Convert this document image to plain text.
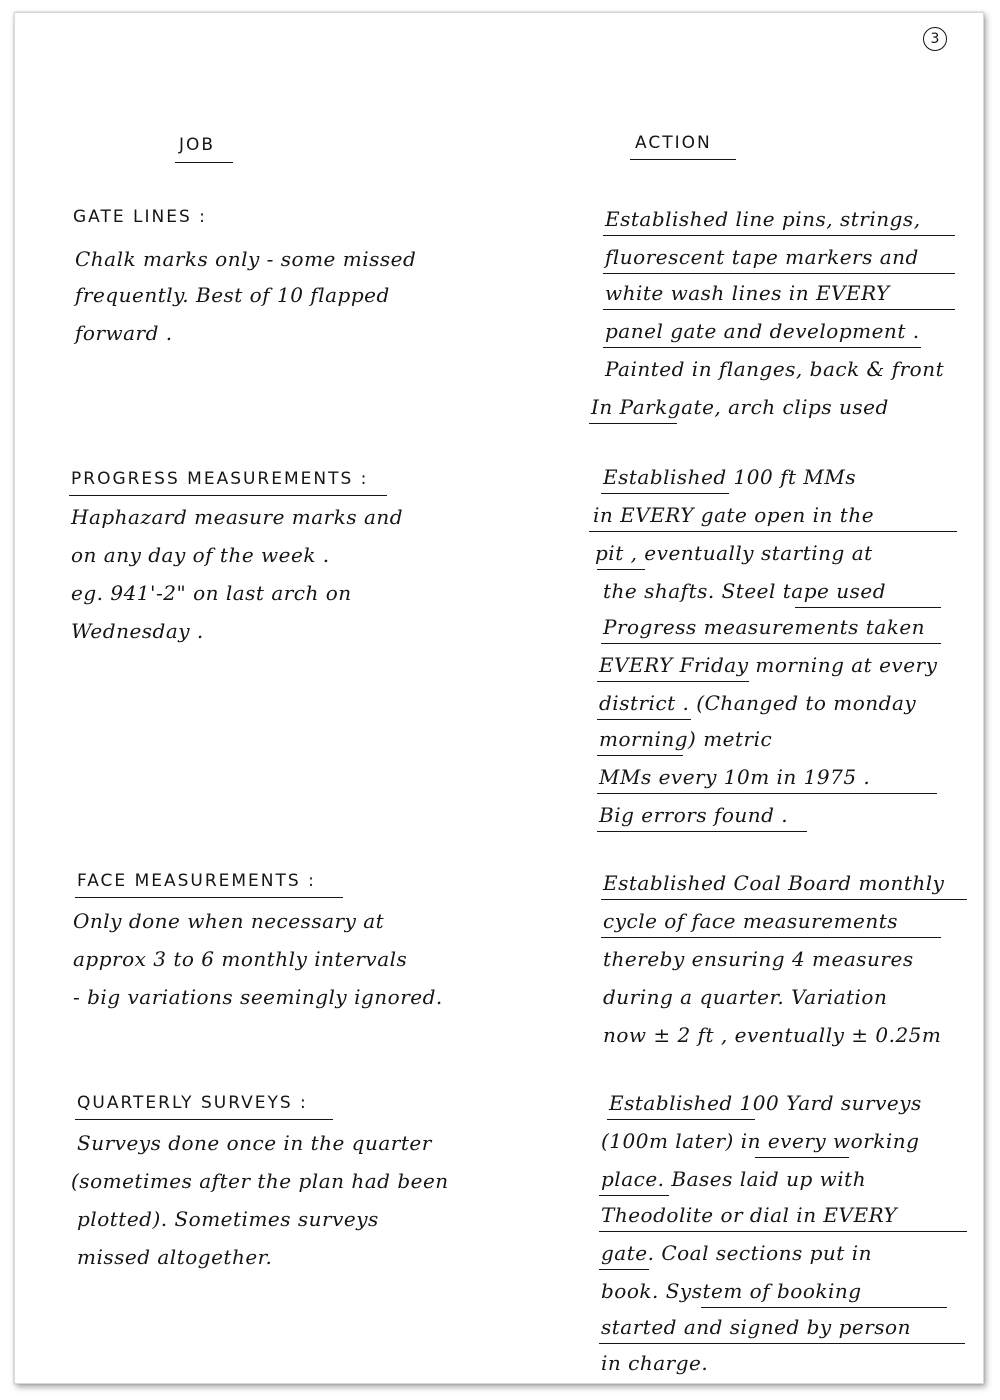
3
JOB	ACTION
GATE LINES :
Chalk marks only - some missed
frequently. Best of 10 flapped
forward .
Established line pins, strings,
fluorescent tape markers and
white wash lines in EVERY
panel gate and development .
Painted in flanges, back & front
In Parkgate, arch clips used
PROGRESS MEASUREMENTS :
Haphazard measure marks and
on any day of the week .
eg. 941'-2" on last arch on
Wednesday .
Established 100 ft MMs
in EVERY gate open in the
pit , eventually starting at
the shafts. Steel tape used
Progress measurements taken
EVERY Friday morning at every
district . (Changed to monday
morning) metric
MMs every 10m in 1975 .
Big errors found .
FACE MEASUREMENTS :
Only done when necessary at
approx 3 to 6 monthly intervals
- big variations seemingly ignored.
Established Coal Board monthly
cycle of face measurements
thereby ensuring 4 measures
during a quarter. Variation
now ± 2 ft , eventually ± 0.25m
QUARTERLY SURVEYS :
Surveys done once in the quarter
(sometimes after the plan had been
plotted). Sometimes surveys
missed altogether.
Established 100 Yard surveys
(100m later) in every working
place. Bases laid up with
Theodolite or dial in EVERY
gate. Coal sections put in
book. System of booking
started and signed by person
in charge.
